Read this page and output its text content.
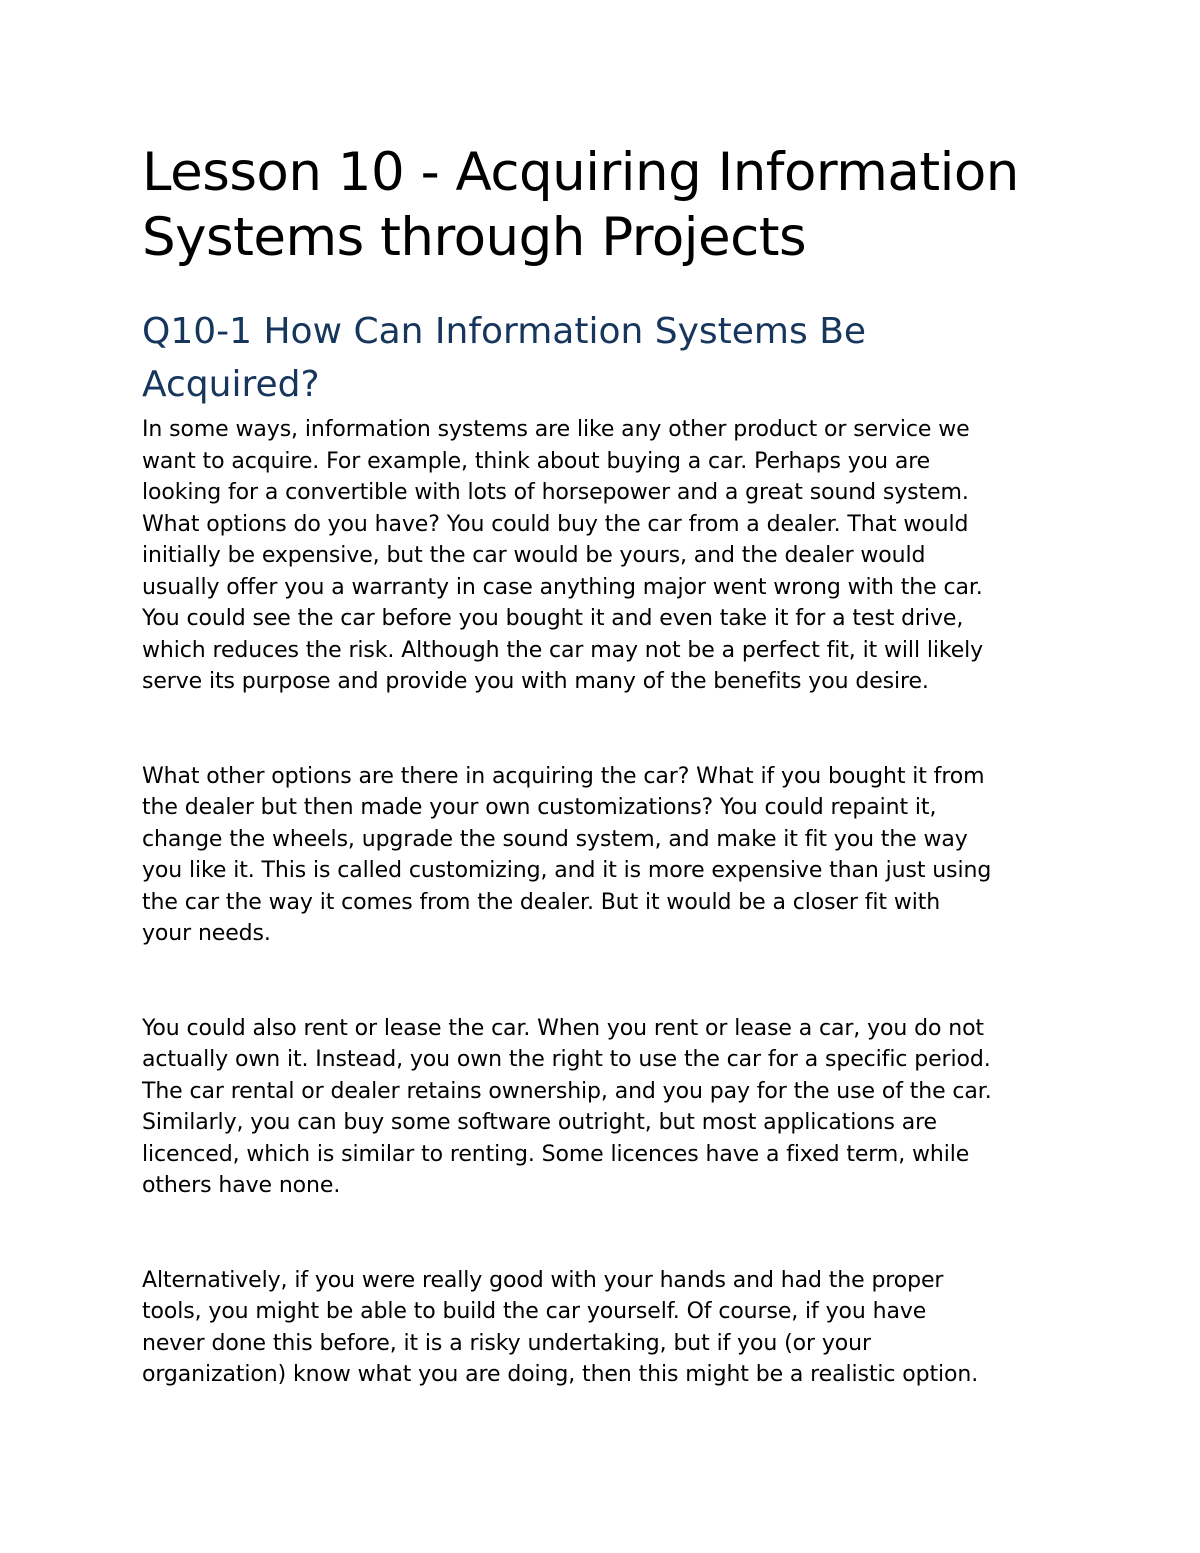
Lesson 10 - Acquiring Information
Systems through Projects
Q10-1 How Can Information Systems Be
Acquired?

In some ways, information systems are like any other product or service we
want to acquire. For example, think about buying a car. Perhaps you are
looking for a convertible with lots of horsepower and a great sound system.
What options do you have? You could buy the car from a dealer. That would
initially be expensive, but the car would be yours, and the dealer would
usually offer you a warranty in case anything major went wrong with the car.
You could see the car before you bought it and even take it for a test drive,
which reduces the risk. Although the car may not be a perfect fit, it will likely
serve its purpose and provide you with many of the benefits you desire.

What other options are there in acquiring the car? What if you bought it from
the dealer but then made your own customizations? You could repaint it,
change the wheels, upgrade the sound system, and make it fit you the way
you like it. This is called customizing, and it is more expensive than just using
the car the way it comes from the dealer. But it would be a closer fit with
your needs.

You could also rent or lease the car. When you rent or lease a car, you do not
actually own it. Instead, you own the right to use the car for a specific period.
The car rental or dealer retains ownership, and you pay for the use of the car.
Similarly, you can buy some software outright, but most applications are
licenced, which is similar to renting. Some licences have a fixed term, while
others have none.

Alternatively, if you were really good with your hands and had the proper
tools, you might be able to build the car yourself. Of course, if you have
never done this before, it is a risky undertaking, but if you (or your
organization) know what you are doing, then this might be a realistic option.
